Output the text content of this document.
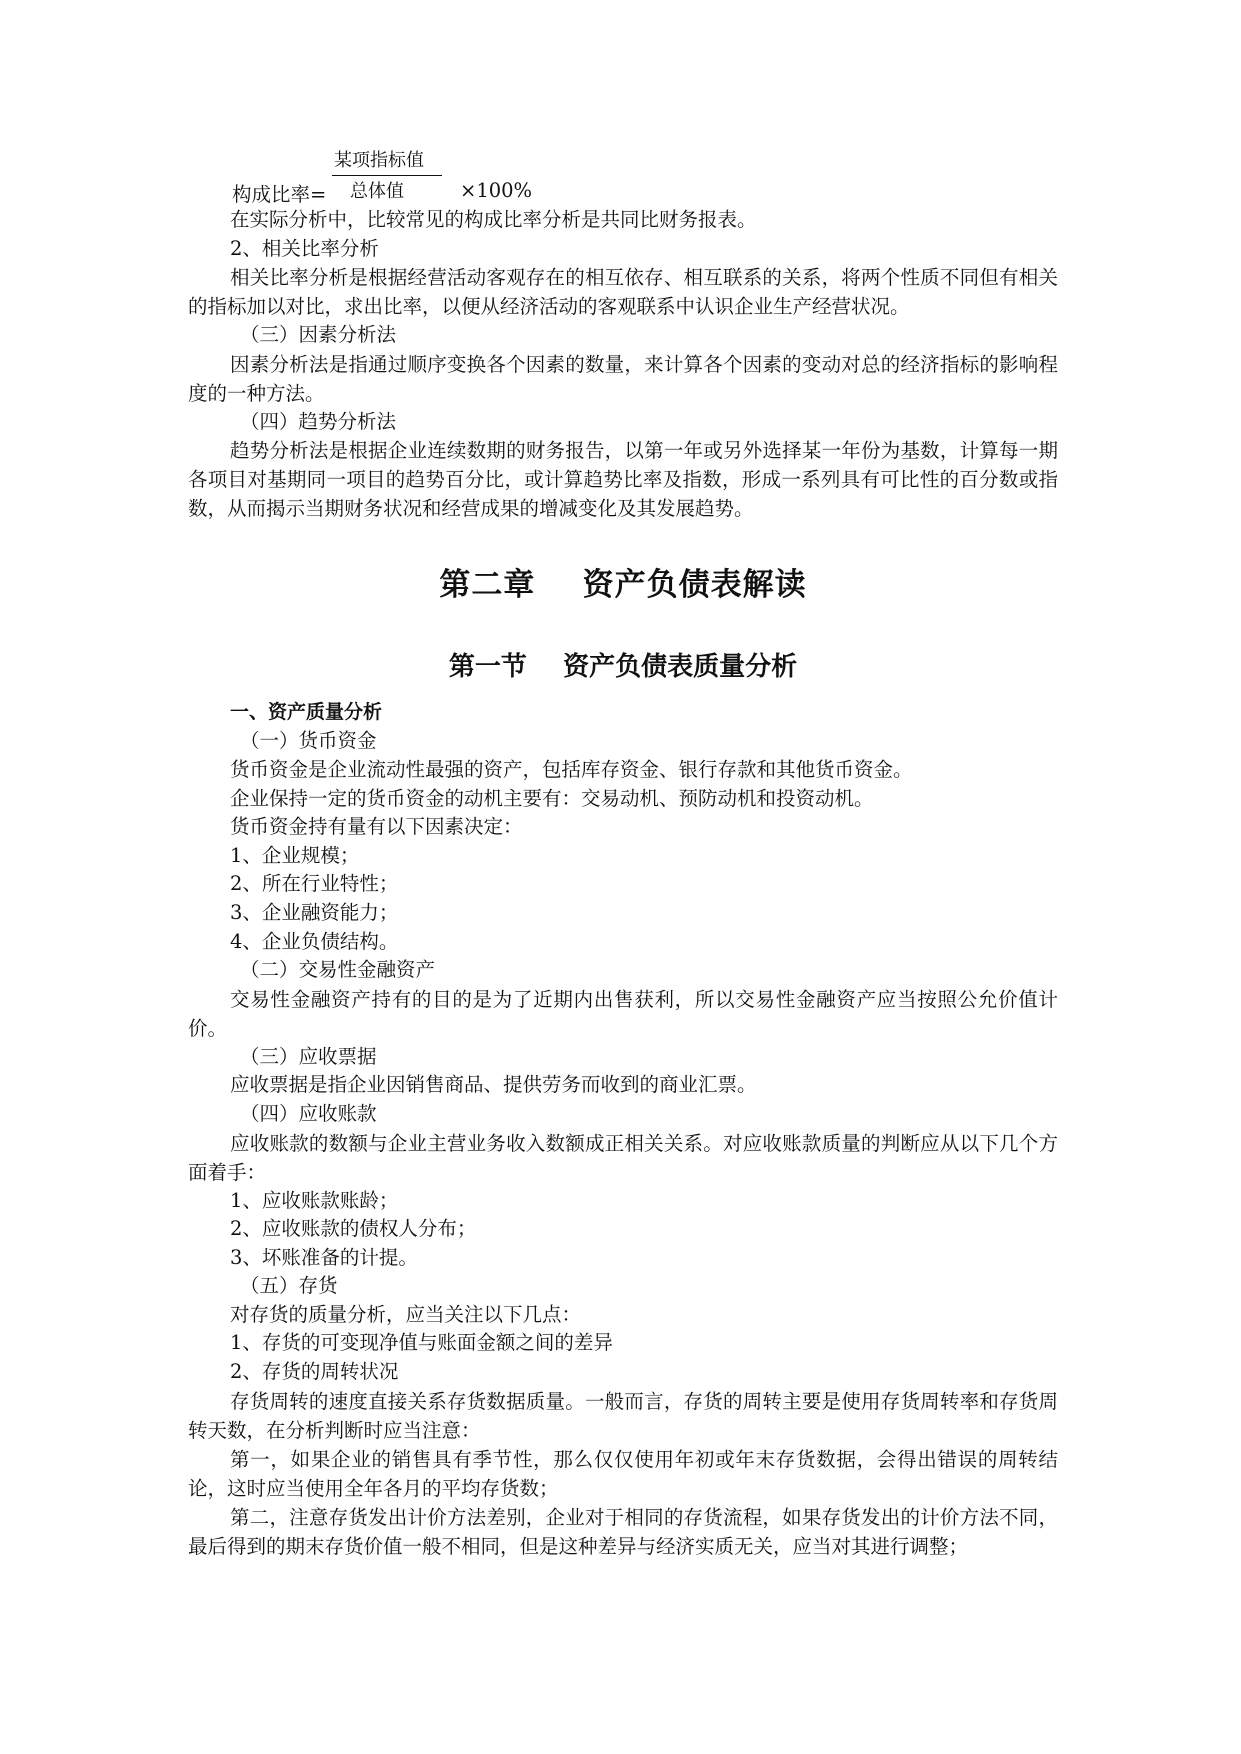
某项指标值
构成比率= 总体值	×100%
在实际分析中，比较常见的构成比率分析是共同比财务报表。
2、相关比率分析
相关比率分析是根据经营活动客观存在的相互依存、相互联系的关系，将两个性质不同但有相关的指标加以对比，求出比率，以便从经济活动的客观联系中认识企业生产经营状况。
（三）因素分析法
因素分析法是指通过顺序变换各个因素的数量，来计算各个因素的变动对总的经济指标的影响程度的一种方法。
（四）趋势分析法
趋势分析法是根据企业连续数期的财务报告，以第一年或另外选择某一年份为基数，计算每一期各项目对基期同一项目的趋势百分比，或计算趋势比率及指数，形成一系列具有可比性的百分数或指数，从而揭示当期财务状况和经营成果的增减变化及其发展趋势。
第二章    资产负债表解读
第一节    资产负债表质量分析
一、资产质量分析
（一）货币资金
货币资金是企业流动性最强的资产，包括库存资金、银行存款和其他货币资金。
企业保持一定的货币资金的动机主要有：交易动机、预防动机和投资动机。
货币资金持有量有以下因素决定：
1、企业规模；
2、所在行业特性；
3、企业融资能力；
4、企业负债结构。
（二）交易性金融资产
交易性金融资产持有的目的是为了近期内出售获利，所以交易性金融资产应当按照公允价值计价。
（三）应收票据
应收票据是指企业因销售商品、提供劳务而收到的商业汇票。
（四）应收账款
应收账款的数额与企业主营业务收入数额成正相关关系。对应收账款质量的判断应从以下几个方面着手：
1、应收账款账龄；
2、应收账款的债权人分布；
3、坏账准备的计提。
（五）存货
对存货的质量分析，应当关注以下几点：
1、存货的可变现净值与账面金额之间的差异
2、存货的周转状况
存货周转的速度直接关系存货数据质量。一般而言，存货的周转主要是使用存货周转率和存货周转天数，在分析判断时应当注意：
第一，如果企业的销售具有季节性，那么仅仅使用年初或年末存货数据，会得出错误的周转结论，这时应当使用全年各月的平均存货数；
第二，注意存货发出计价方法差别，企业对于相同的存货流程，如果存货发出的计价方法不同，最后得到的期末存货价值一般不相同，但是这种差异与经济实质无关，应当对其进行调整；
